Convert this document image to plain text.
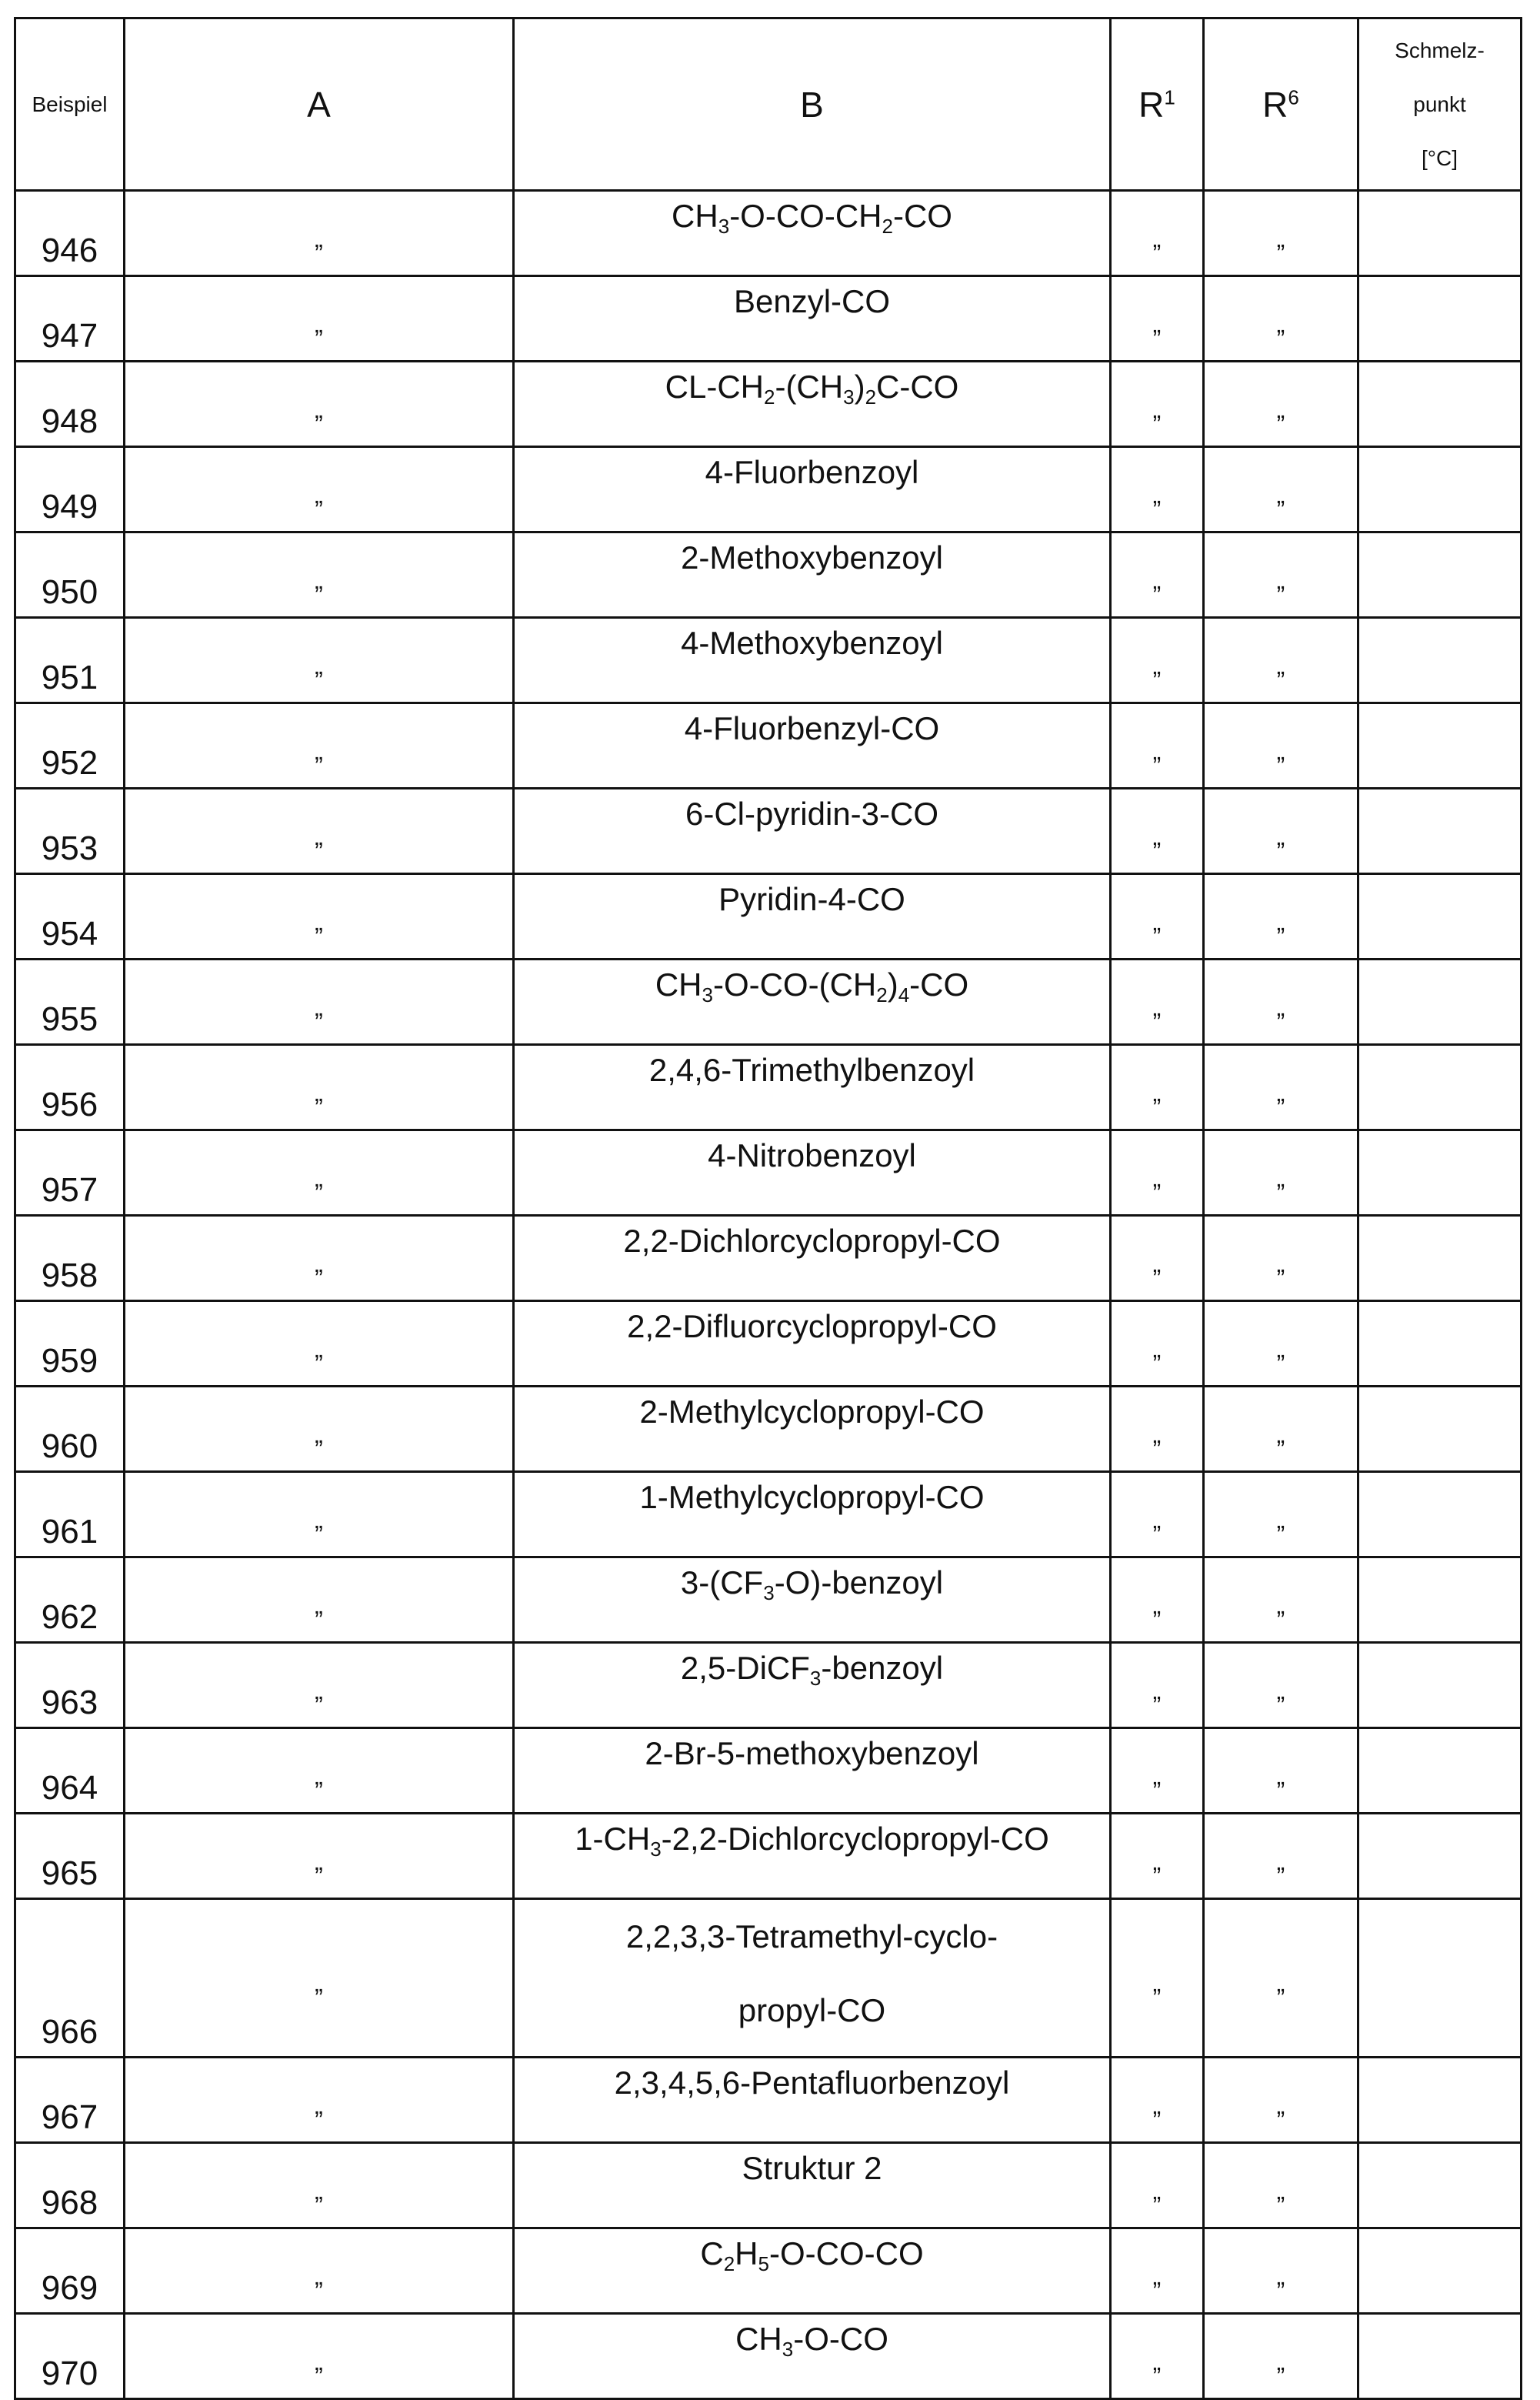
Beispiel	A	B	R1	R6	
Schmelz-
punkt
[°C]

946	„	CH3-O-CO-CH2-CO	„	„	
947	„	Benzyl-CO	„	„	
948	„	CL-CH2-(CH3)2C-CO	„	„	
949	„	4-Fluorbenzoyl	„	„	
950	„	2-Methoxybenzoyl	„	„	
951	„	4-Methoxybenzoyl	„	„	
952	„	4-Fluorbenzyl-CO	„	„	
953	„	6-Cl-pyridin-3-CO	„	„	
954	„	Pyridin-4-CO	„	„	
955	„	CH3-O-CO-(CH2)4-CO	„	„	
956	„	2,4,6-Trimethylbenzoyl	„	„	
957	„	4-Nitrobenzoyl	„	„	
958	„	2,2-Dichlorcyclopropyl-CO	„	„	
959	„	2,2-Difluorcyclopropyl-CO	„	„	
960	„	2-Methylcyclopropyl-CO	„	„	
961	„	1-Methylcyclopropyl-CO	„	„	
962	„	3-(CF3-O)-benzoyl	„	„	
963	„	2,5-DiCF3-benzoyl	„	„	
964	„	2-Br-5-methoxybenzoyl	„	„	
965	„	1-CH3-2,2-Dichlorcyclopropyl-CO	„	„	
966	„	2,2,3,3-Tetramethyl-cyclo-
propyl-CO	„	„	
967	„	2,3,4,5,6-Pentafluorbenzoyl	„	„	
968	„	Struktur 2	„	„	
969	„	C2H5-O-CO-CO	„	„	
970	„	CH3-O-CO	„	„	
